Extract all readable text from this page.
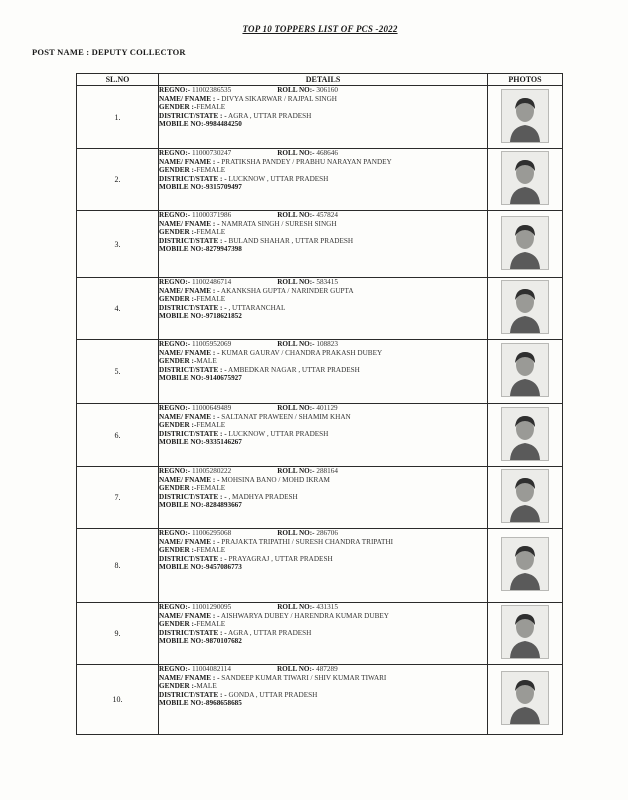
TOP 10 TOPPERS LIST OF PCS -2022
POST NAME : DEPUTY COLLECTOR
SL.NO	DETAILS	PHOTOS
1.	REGNO:- 11002386535 ROLL NO:- 306160
NAME/ FNAME : - DIVYA SIKARWAR / RAJPAL SINGH
GENDER :-FEMALE
DISTRICT/STATE : - AGRA , UTTAR PRADESH
MOBILE NO:-9984484250

2.	REGNO:- 11000730247 ROLL NO:- 468646
NAME/ FNAME : - PRATIKSHA PANDEY / PRABHU NARAYAN PANDEY
GENDER :-FEMALE
DISTRICT/STATE : - LUCKNOW , UTTAR PRADESH
MOBILE NO:-9315709497

3.	REGNO:- 11000371986 ROLL NO:- 457824
NAME/ FNAME : - NAMRATA SINGH / SURESH SINGH
GENDER :-FEMALE
DISTRICT/STATE : - BULAND SHAHAR , UTTAR PRADESH
MOBILE NO:-8279947398

4.	REGNO:- 11002486714 ROLL NO:- 583415
NAME/ FNAME : - AKANKSHA GUPTA / NARINDER GUPTA
GENDER :-FEMALE
DISTRICT/STATE : - , UTTARANCHAL
MOBILE NO:-9718621852

5.	REGNO:- 11005952069 ROLL NO:- 108823
NAME/ FNAME : - KUMAR GAURAV / CHANDRA PRAKASH DUBEY
GENDER :-MALE
DISTRICT/STATE : - AMBEDKAR NAGAR , UTTAR PRADESH
MOBILE NO:-9140675927

6.	REGNO:- 11000649489 ROLL NO:- 401129
NAME/ FNAME : - SALTANAT PRAWEEN / SHAMIM KHAN
GENDER :-FEMALE
DISTRICT/STATE : - LUCKNOW , UTTAR PRADESH
MOBILE NO:-9335146267

7.	REGNO:- 11005280222 ROLL NO:- 288164
NAME/ FNAME : - MOHSINA BANO / MOHD IKRAM
GENDER :-FEMALE
DISTRICT/STATE : - , MADHYA PRADESH
MOBILE NO:-8284893667

8.	REGNO:- 11006295068 ROLL NO:- 286706
NAME/ FNAME : - PRAJAKTA TRIPATHI / SURESH CHANDRA TRIPATHI
GENDER :-FEMALE
DISTRICT/STATE : - PRAYAGRAJ , UTTAR PRADESH
MOBILE NO:-9457086773

9.	REGNO:- 11001290095 ROLL NO:- 431315
NAME/ FNAME : - AISHWARYA DUBEY / HARENDRA KUMAR DUBEY
GENDER :-FEMALE
DISTRICT/STATE : - AGRA , UTTAR PRADESH
MOBILE NO:-9870107682

10.	REGNO:- 11004082114 ROLL NO:- 487289
NAME/ FNAME : - SANDEEP KUMAR TIWARI / SHIV KUMAR TIWARI
GENDER :-MALE
DISTRICT/STATE : - GONDA , UTTAR PRADESH
MOBILE NO:-8968658685
